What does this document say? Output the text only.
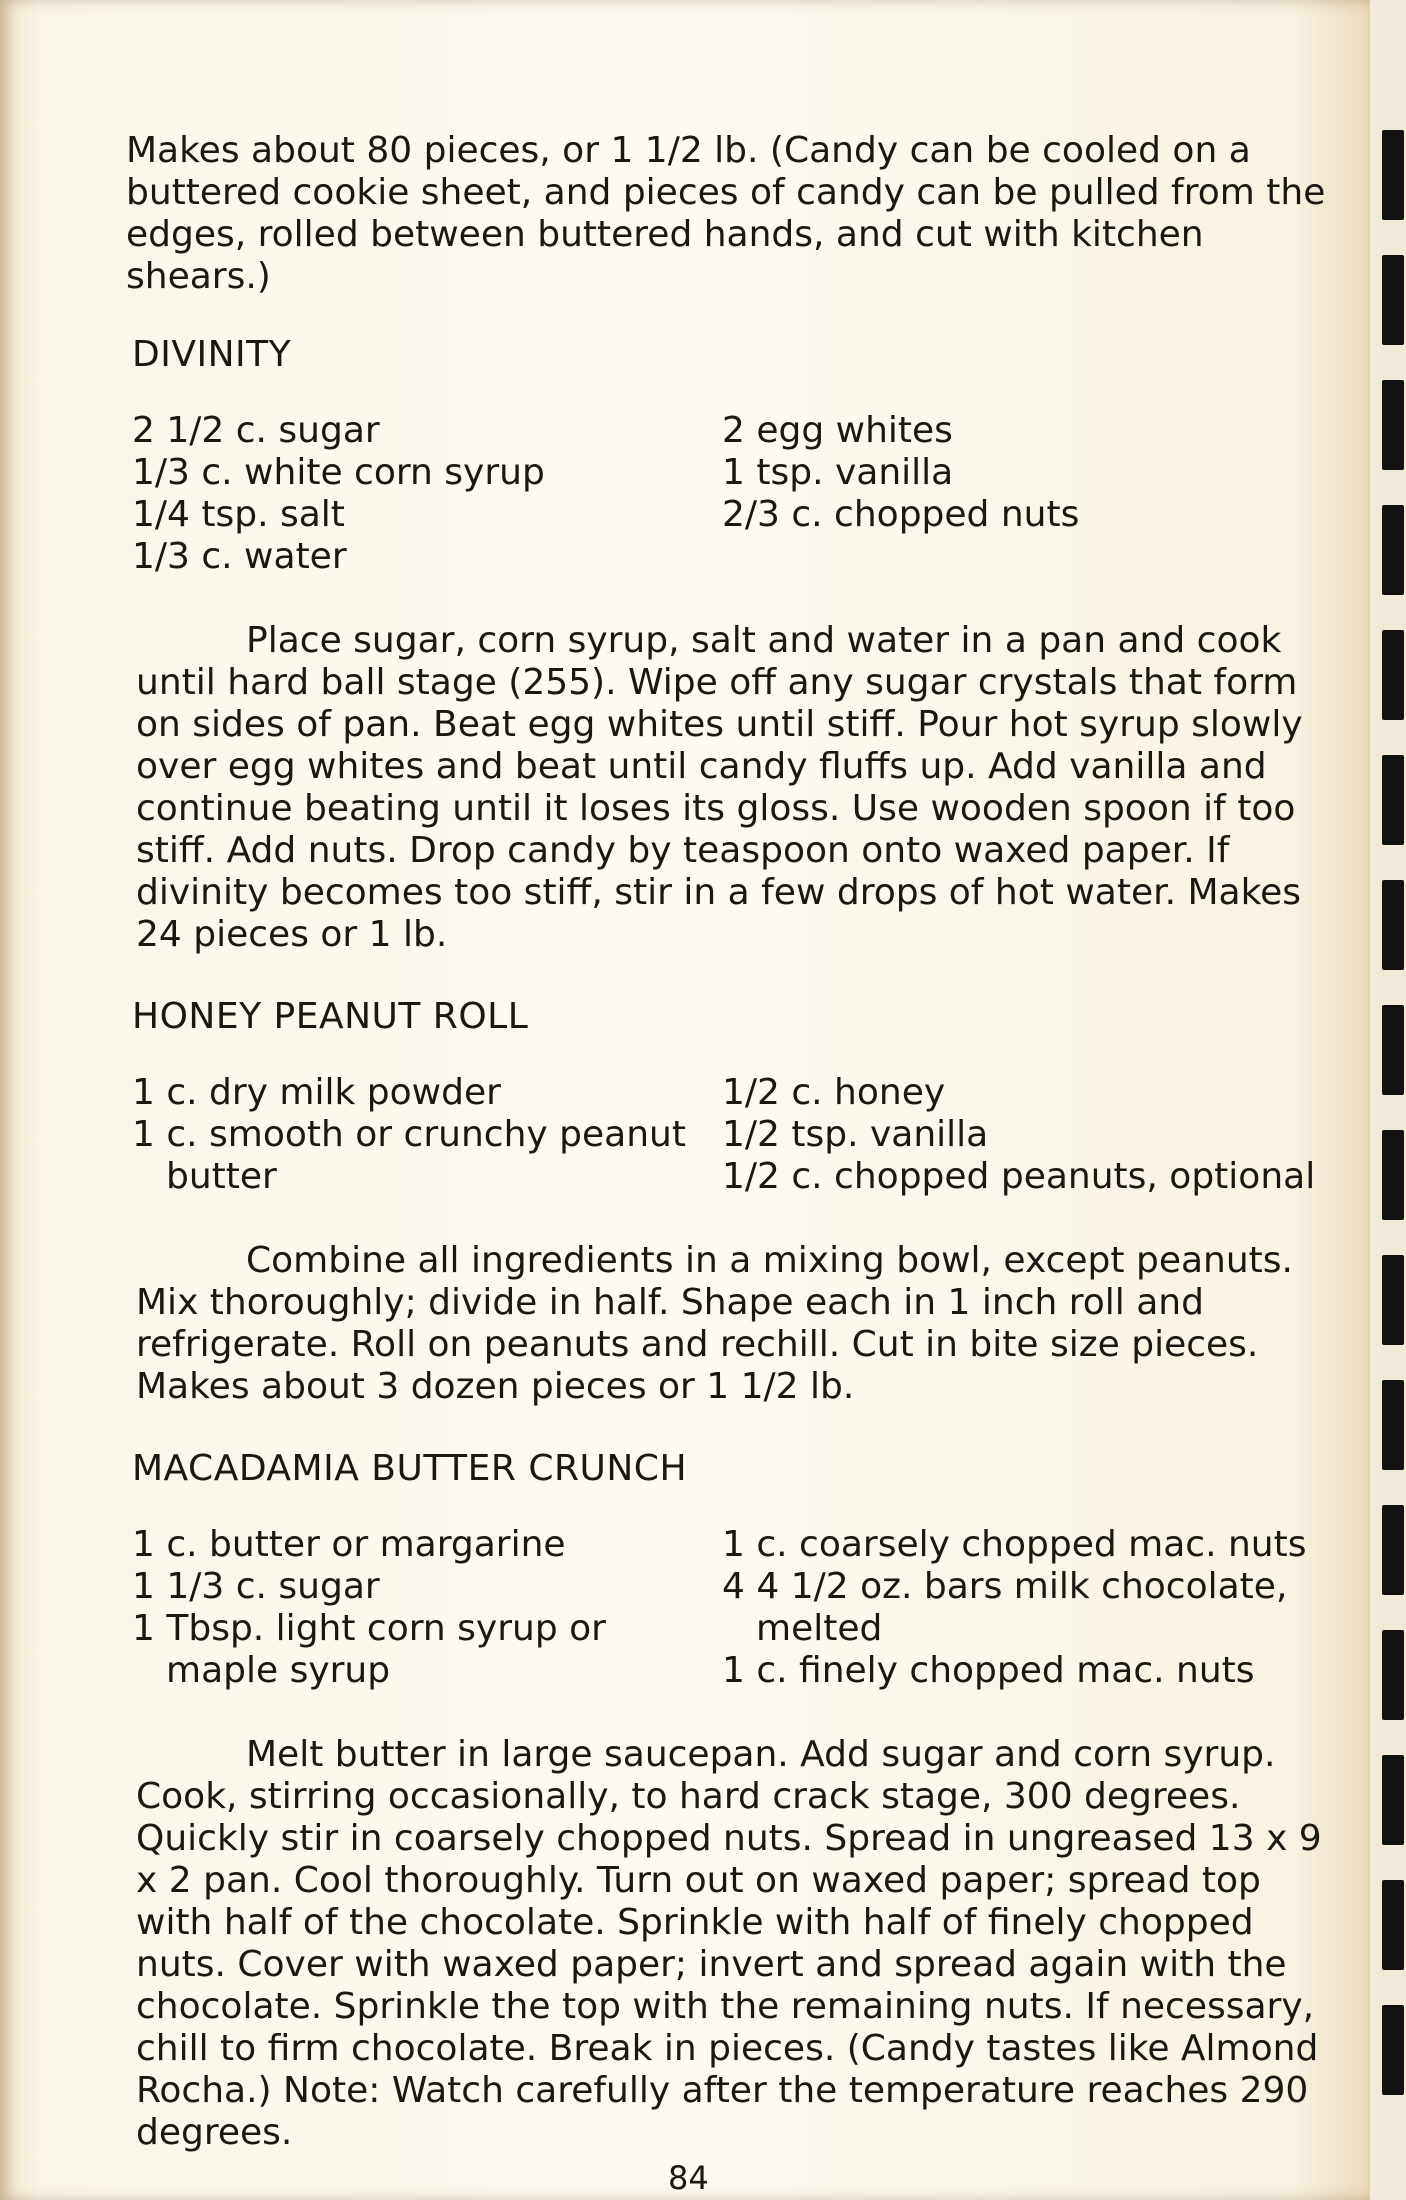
Makes about 80 pieces, or 1 1/2 lb. (Candy can be cooled on a buttered cookie sheet, and pieces of candy can be pulled from the edges, rolled between buttered hands, and cut with kitchen shears.)

DIVINITY
2 1/2 c. sugar
1/3 c. white corn syrup
1/4 tsp. salt
1/3 c. water
2 egg whites
1 tsp. vanilla
2/3 c. chopped nuts

Place sugar, corn syrup, salt and water in a pan and cook until hard ball stage (255). Wipe off any sugar crystals that form on sides of pan. Beat egg whites until stiff. Pour hot syrup slowly over egg whites and beat until candy fluffs up. Add vanilla and continue beating until it loses its gloss. Use wooden spoon if too stiff. Add nuts. Drop candy by teaspoon onto waxed paper. If divinity becomes too stiff, stir in a few drops of hot water. Makes 24 pieces or 1 lb.

HONEY PEANUT ROLL
1 c. dry milk powder
1 c. smooth or crunchy peanut
butter
1/2 c. honey
1/2 tsp. vanilla
1/2 c. chopped peanuts, optional

Combine all ingredients in a mixing bowl, except peanuts. Mix thoroughly; divide in half. Shape each in 1 inch roll and refrigerate. Roll on peanuts and rechill. Cut in bite size pieces. Makes about 3 dozen pieces or 1 1/2 lb.

MACADAMIA BUTTER CRUNCH
1 c. butter or margarine
1 1/3 c. sugar
1 Tbsp. light corn syrup or
maple syrup
1 c. coarsely chopped mac. nuts
4 4 1/2 oz. bars milk chocolate,
melted
1 c. finely chopped mac. nuts

Melt butter in large saucepan. Add sugar and corn syrup. Cook, stirring occasionally, to hard crack stage, 300 degrees. Quickly stir in coarsely chopped nuts. Spread in ungreased 13 x 9 x 2 pan. Cool thoroughly. Turn out on waxed paper; spread top with half of the chocolate. Sprinkle with half of finely chopped nuts. Cover with waxed paper; invert and spread again with the chocolate. Sprinkle the top with the remaining nuts. If necessary, chill to firm chocolate. Break in pieces. (Candy tastes like Almond Rocha.) Note: Watch carefully after the temperature reaches 290 degrees.

84
